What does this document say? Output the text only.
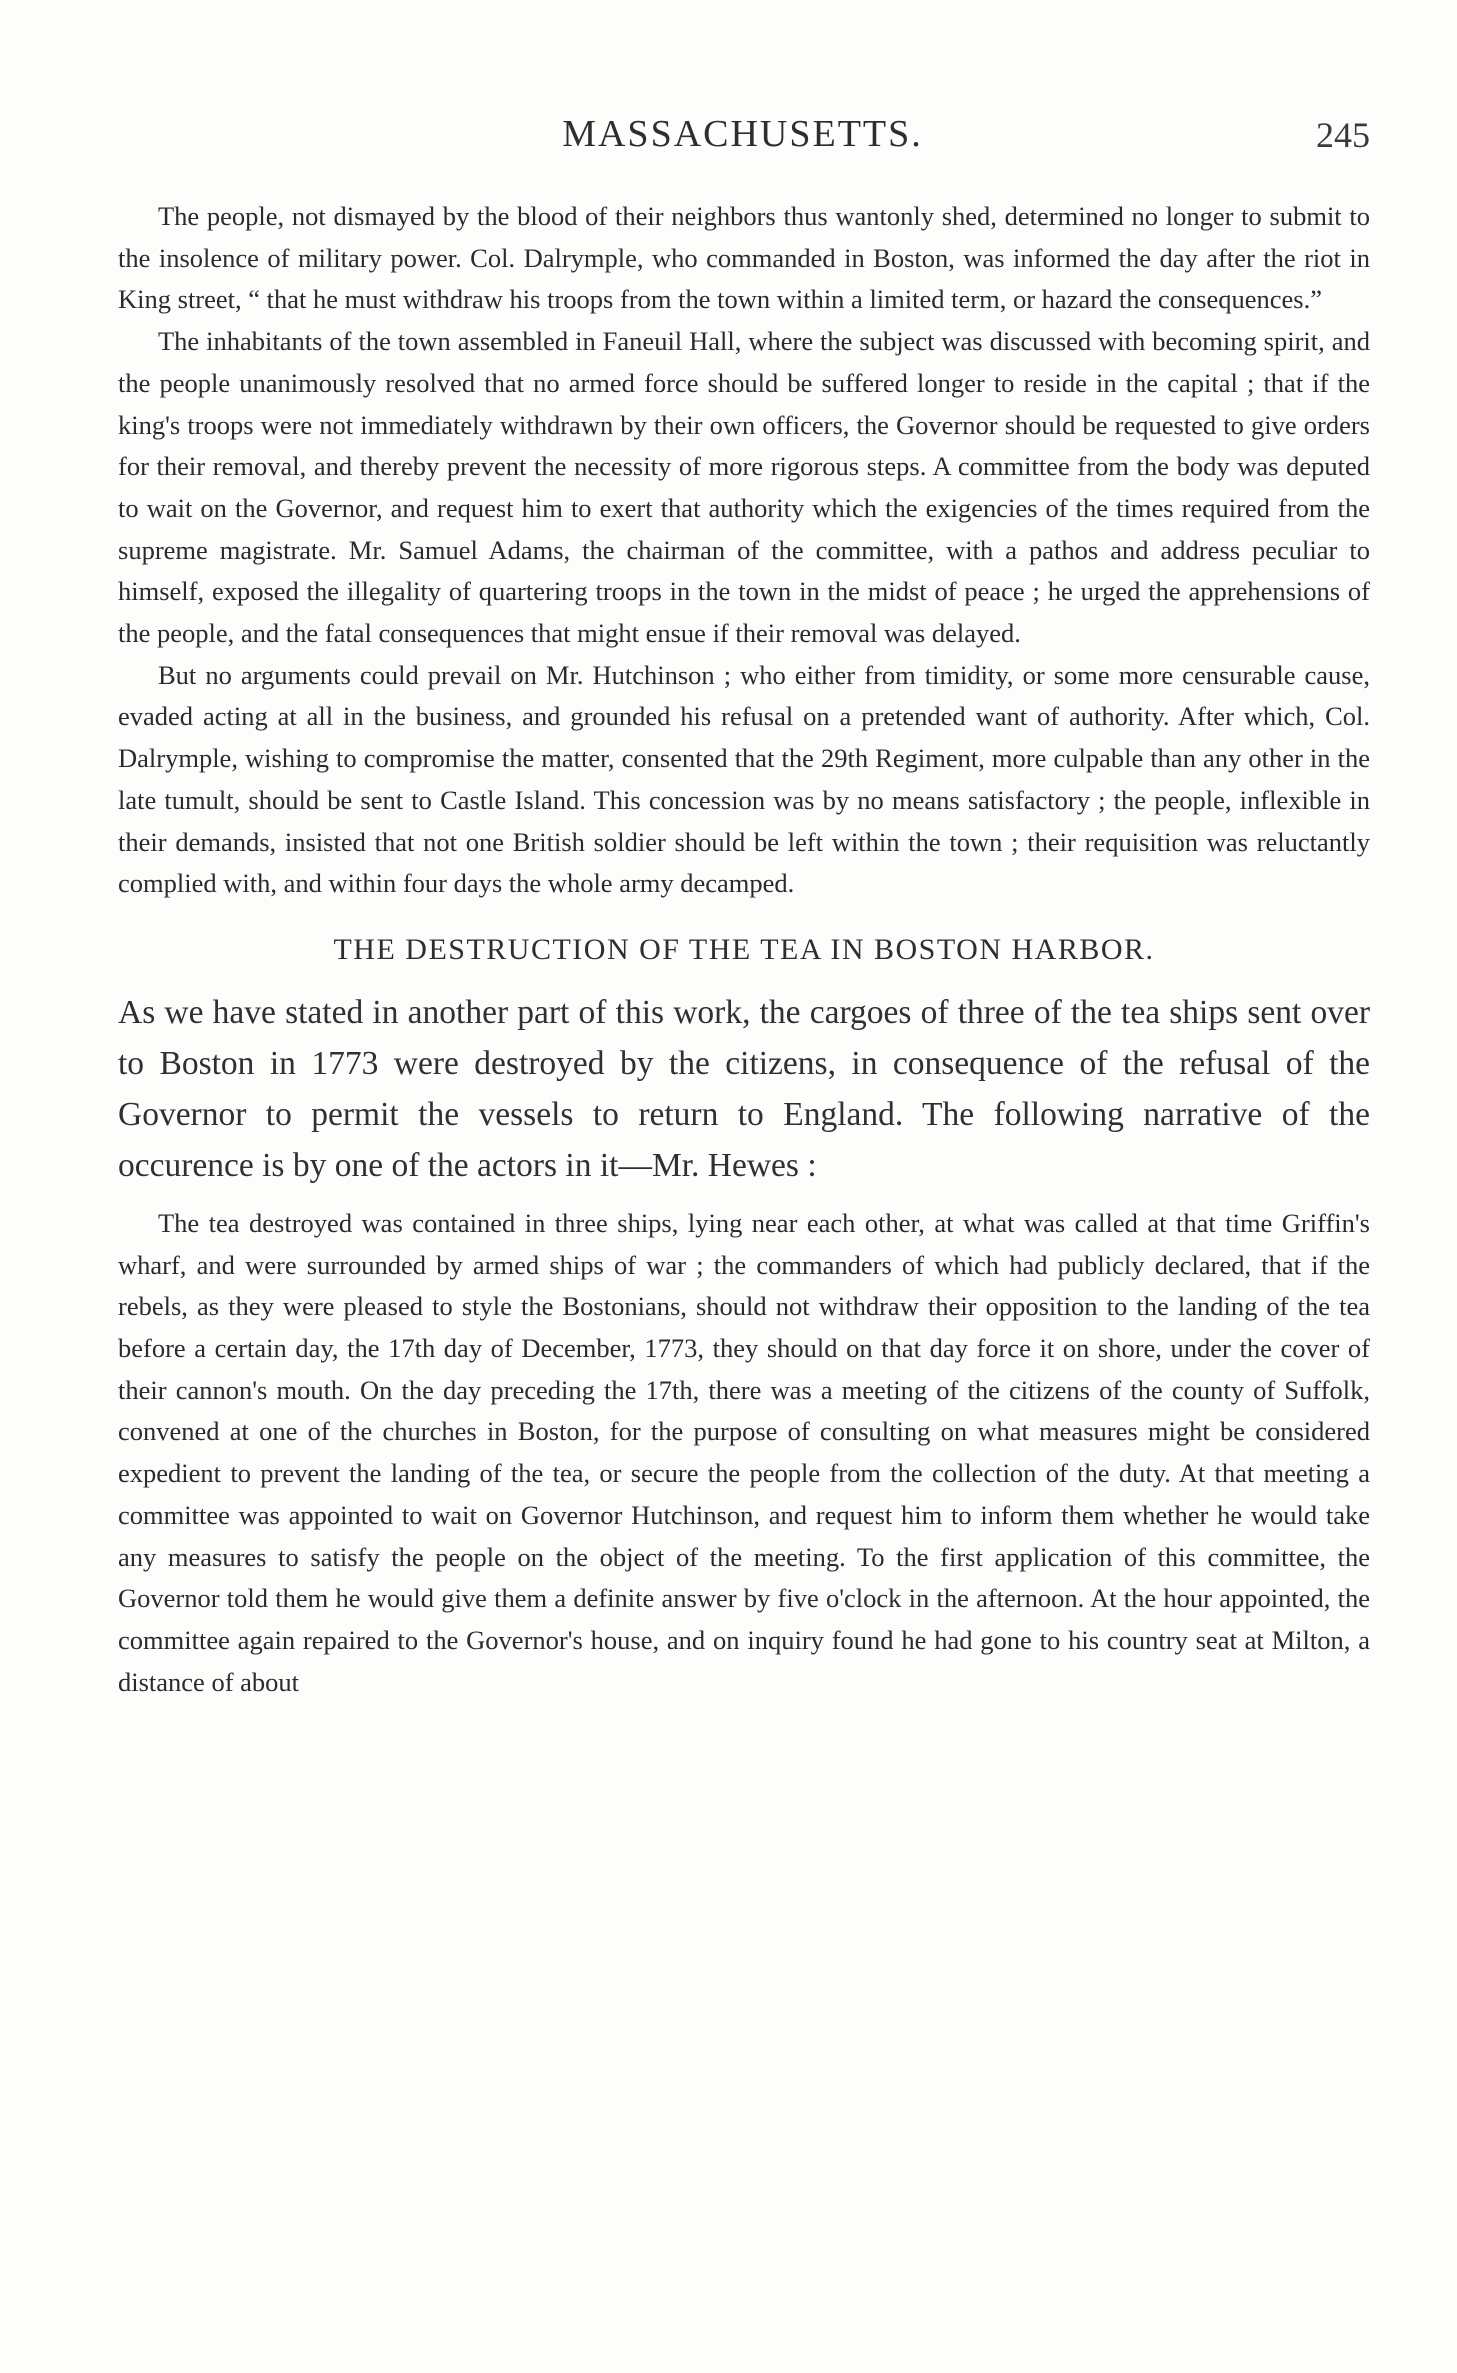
MASSACHUSETTS.	245

The people, not dismayed by the blood of their neighbors thus wantonly shed, determined no longer to submit to the insolence of military power. Col. Dalrymple, who commanded in Boston, was informed the day after the riot in King street, “ that he must withdraw his troops from the town within a limited term, or hazard the consequences.”

The inhabitants of the town assembled in Faneuil Hall, where the subject was discussed with becoming spirit, and the people unanimously resolved that no armed force should be suffered longer to reside in the capital ; that if the king's troops were not immediately withdrawn by their own officers, the Governor should be requested to give orders for their removal, and thereby prevent the necessity of more rigorous steps. A committee from the body was deputed to wait on the Governor, and request him to exert that authority which the exigencies of the times required from the supreme magistrate. Mr. Samuel Adams, the chairman of the committee, with a pathos and address peculiar to himself, exposed the illegality of quartering troops in the town in the midst of peace ; he urged the apprehensions of the people, and the fatal consequences that might ensue if their removal was delayed.

But no arguments could prevail on Mr. Hutchinson ; who either from timidity, or some more censurable cause, evaded acting at all in the business, and grounded his refusal on a pretended want of authority. After which, Col. Dalrymple, wishing to compromise the matter, consented that the 29th Regiment, more culpable than any other in the late tumult, should be sent to Castle Island. This concession was by no means satisfactory ; the people, inflexible in their demands, insisted that not one British soldier should be left within the town ; their requisition was reluctantly complied with, and within four days the whole army decamped.

THE DESTRUCTION OF THE TEA IN BOSTON HARBOR.

As we have stated in another part of this work, the cargoes of three of the tea ships sent over to Boston in 1773 were destroyed by the citizens, in consequence of the refusal of the Governor to permit the vessels to return to England. The following narrative of the occurence is by one of the actors in it—Mr. Hewes :

The tea destroyed was contained in three ships, lying near each other, at what was called at that time Griffin's wharf, and were surrounded by armed ships of war ; the commanders of which had publicly declared, that if the rebels, as they were pleased to style the Bostonians, should not withdraw their opposition to the landing of the tea before a certain day, the 17th day of December, 1773, they should on that day force it on shore, under the cover of their cannon's mouth. On the day preceding the 17th, there was a meeting of the citizens of the county of Suffolk, convened at one of the churches in Boston, for the purpose of consulting on what measures might be considered expedient to prevent the landing of the tea, or secure the people from the collection of the duty. At that meeting a committee was appointed to wait on Governor Hutchinson, and request him to inform them whether he would take any measures to satisfy the people on the object of the meeting. To the first application of this committee, the Governor told them he would give them a definite answer by five o'clock in the afternoon. At the hour appointed, the committee again repaired to the Governor's house, and on inquiry found he had gone to his country seat at Milton, a distance of about
